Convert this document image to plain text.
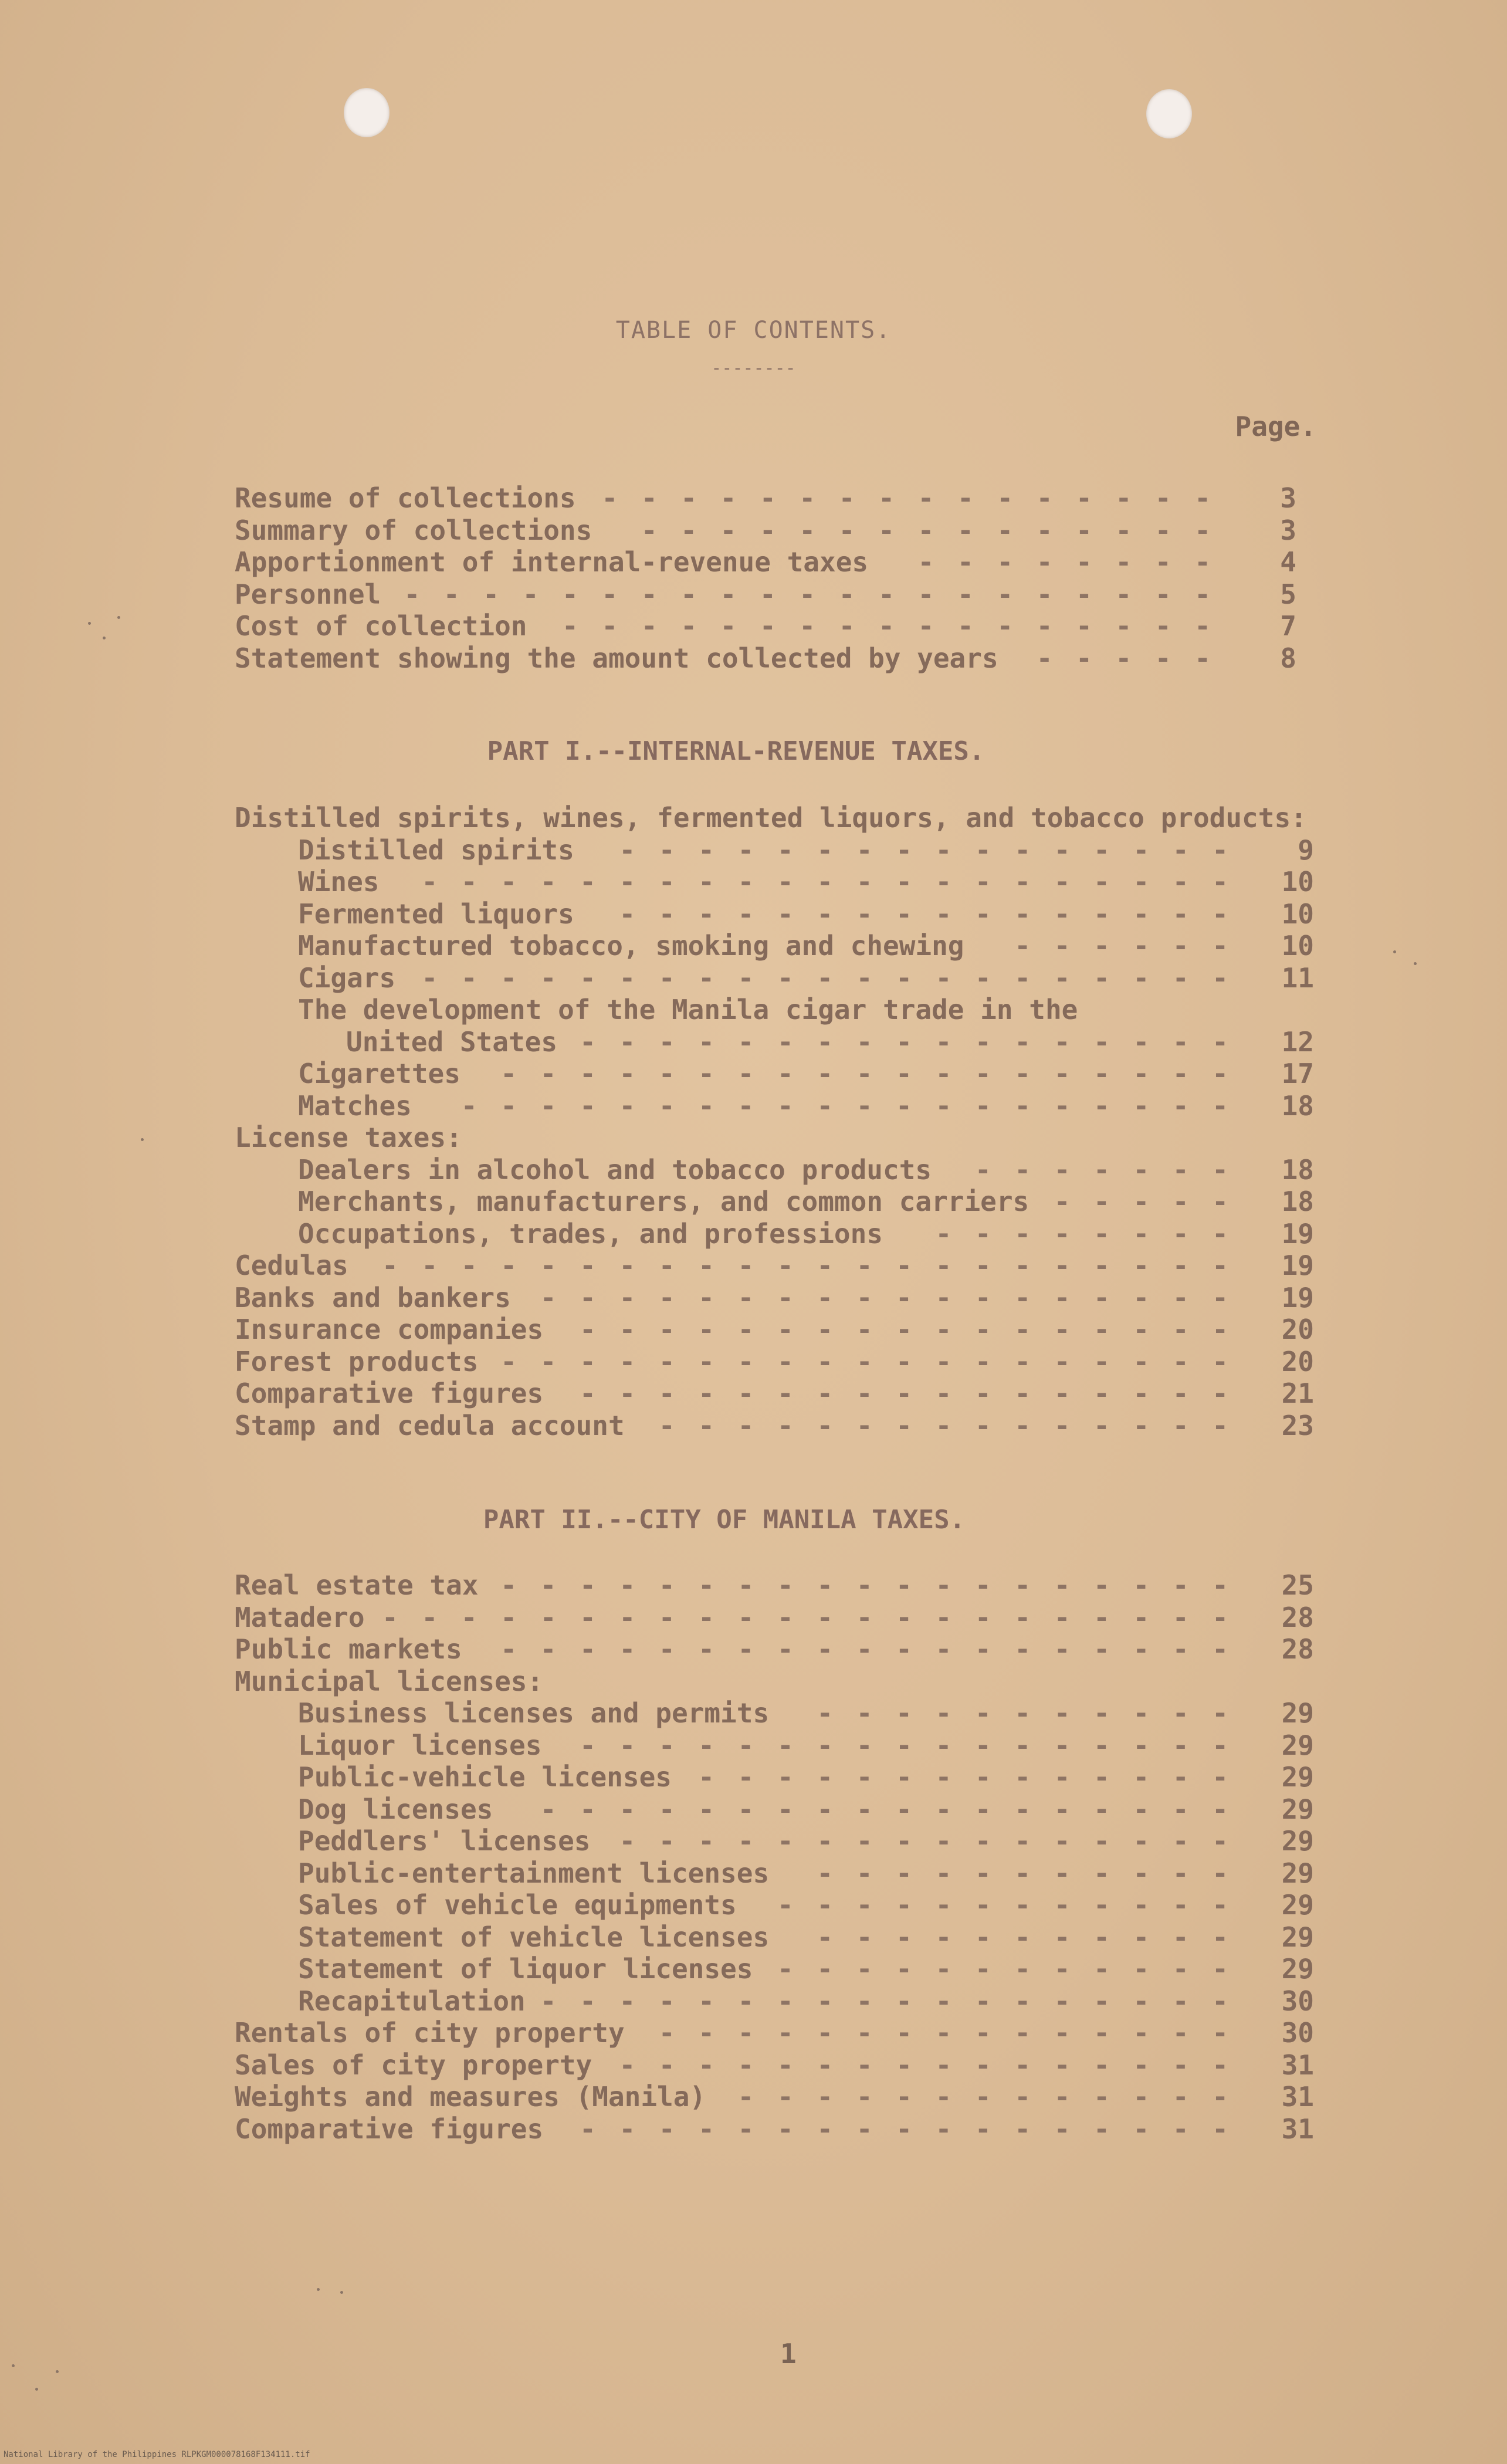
TABLE OF CONTENTS.
--------
Page.
Resume of collections - - - - - - - - - - - - - - - -	3
Summary of collections - - - - - - - - - - - - - - -	3
Apportionment of internal-revenue taxes - - - - - - - -	4
Personnel - - - - - - - - - - - - - - - - - - - - -	5
Cost of collection - - - - - - - - - - - - - - - - -	7
Statement showing the amount collected by years - - - - -	8
PART I.--INTERNAL-REVENUE TAXES.
Distilled spirits, wines, fermented liquors, and tobacco products:
Distilled spirits - - - - - - - - - - - - - - - -	9
Wines - - - - - - - - - - - - - - - - - - - - -	10
Fermented liquors - - - - - - - - - - - - - - - -	10
Manufactured tobacco, smoking and chewing - - - - - -	10
Cigars - - - - - - - - - - - - - - - - - - - - -	11
The development of the Manila cigar trade in the
United States - - - - - - - - - - - - - - - - -	12
Cigarettes - - - - - - - - - - - - - - - - - - -	17
Matches - - - - - - - - - - - - - - - - - - - -	18
License taxes:
Dealers in alcohol and tobacco products - - - - - - -	18
Merchants, manufacturers, and common carriers - - - - -	18
Occupations, trades, and professions - - - - - - - -	19
Cedulas - - - - - - - - - - - - - - - - - - - - - -	19
Banks and bankers - - - - - - - - - - - - - - - - - -	19
Insurance companies - - - - - - - - - - - - - - - - -	20
Forest products - - - - - - - - - - - - - - - - - - -	20
Comparative figures - - - - - - - - - - - - - - - - -	21
Stamp and cedula account - - - - - - - - - - - - - - -	23
PART II.--CITY OF MANILA TAXES.
Real estate tax - - - - - - - - - - - - - - - - - - -	25
Matadero - - - - - - - - - - - - - - - - - - - - - -	28
Public markets - - - - - - - - - - - - - - - - - - -	28
Municipal licenses:
Business licenses and permits - - - - - - - - - - -	29
Liquor licenses - - - - - - - - - - - - - - - - -	29
Public-vehicle licenses - - - - - - - - - - - - - -	29
Dog licenses - - - - - - - - - - - - - - - - - -	29
Peddlers' licenses - - - - - - - - - - - - - - - -	29
Public-entertainment licenses - - - - - - - - - - -	29
Sales of vehicle equipments - - - - - - - - - - - -	29
Statement of vehicle licenses - - - - - - - - - - -	29
Statement of liquor licenses - - - - - - - - - - - -	29
Recapitulation - - - - - - - - - - - - - - - - - -	30
Rentals of city property - - - - - - - - - - - - - - -	30
Sales of city property - - - - - - - - - - - - - - - -	31
Weights and measures (Manila) - - - - - - - - - - - - -	31
Comparative figures - - - - - - - - - - - - - - - - -	31
1
National Library of the Philippines RLPKGM000078168F134111.tif
